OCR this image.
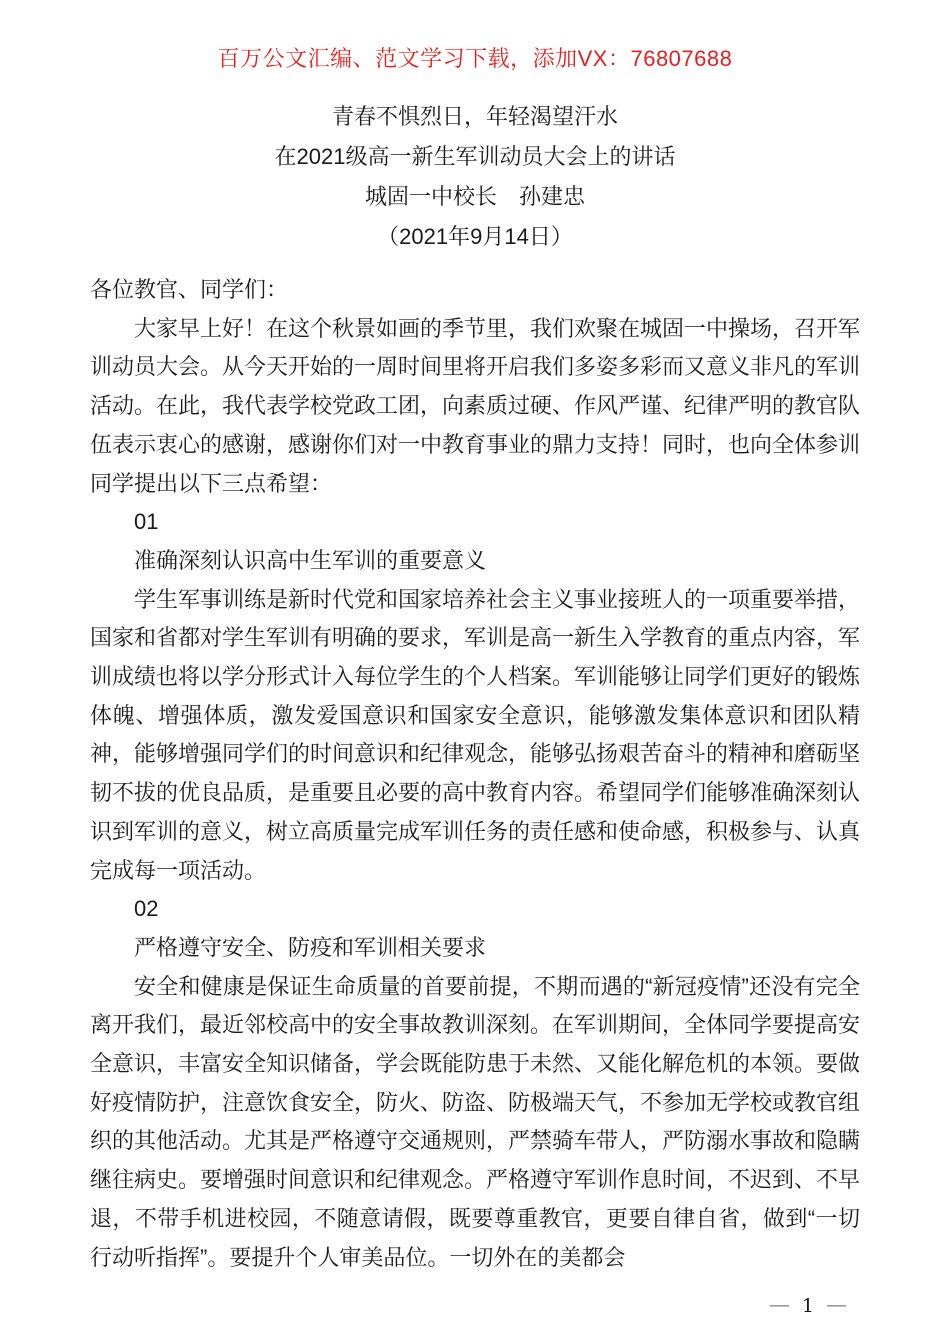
百万公文汇编、范文学习下载，添加VX：76807688
青春不惧烈日，年轻渴望汗水
在2021级高一新生军训动员大会上的讲话
城固一中校长　孙建忠
（2021年9月14日）
各位教官、同学们：
大家早上好！在这个秋景如画的季节里，我们欢聚在城固一中操场，召开军训动员大会。从今天开始的一周时间里将开启我们多姿多彩而又意义非凡的军训活动。在此，我代表学校党政工团，向素质过硬、作风严谨、纪律严明的教官队伍表示衷心的感谢，感谢你们对一中教育事业的鼎力支持！同时，也向全体参训同学提出以下三点希望：
01
准确深刻认识高中生军训的重要意义
学生军事训练是新时代党和国家培养社会主义事业接班人的一项重要举措，国家和省都对学生军训有明确的要求，军训是高一新生入学教育的重点内容，军训成绩也将以学分形式计入每位学生的个人档案。军训能够让同学们更好的锻炼体魄、增强体质，激发爱国意识和国家安全意识，能够激发集体意识和团队精神，能够增强同学们的时间意识和纪律观念，能够弘扬艰苦奋斗的精神和磨砺坚韧不拔的优良品质，是重要且必要的高中教育内容。希望同学们能够准确深刻认识到军训的意义，树立高质量完成军训任务的责任感和使命感，积极参与、认真完成每一项活动。
02
严格遵守安全、防疫和军训相关要求
安全和健康是保证生命质量的首要前提，不期而遇的“新冠疫情”还没有完全离开我们，最近邻校高中的安全事故教训深刻。在军训期间，全体同学要提高安全意识，丰富安全知识储备，学会既能防患于未然、又能化解危机的本领。要做好疫情防护，注意饮食安全，防火、防盗、防极端天气，不参加无学校或教官组织的其他活动。尤其是严格遵守交通规则，严禁骑车带人，严防溺水事故和隐瞒继往病史。要增强时间意识和纪律观念。严格遵守军训作息时间，不迟到、不早退，不带手机进校园，不随意请假，既要尊重教官，更要自律自省，做到“一切行动听指挥”。要提升个人审美品位。一切外在的美都会
— 1 —
